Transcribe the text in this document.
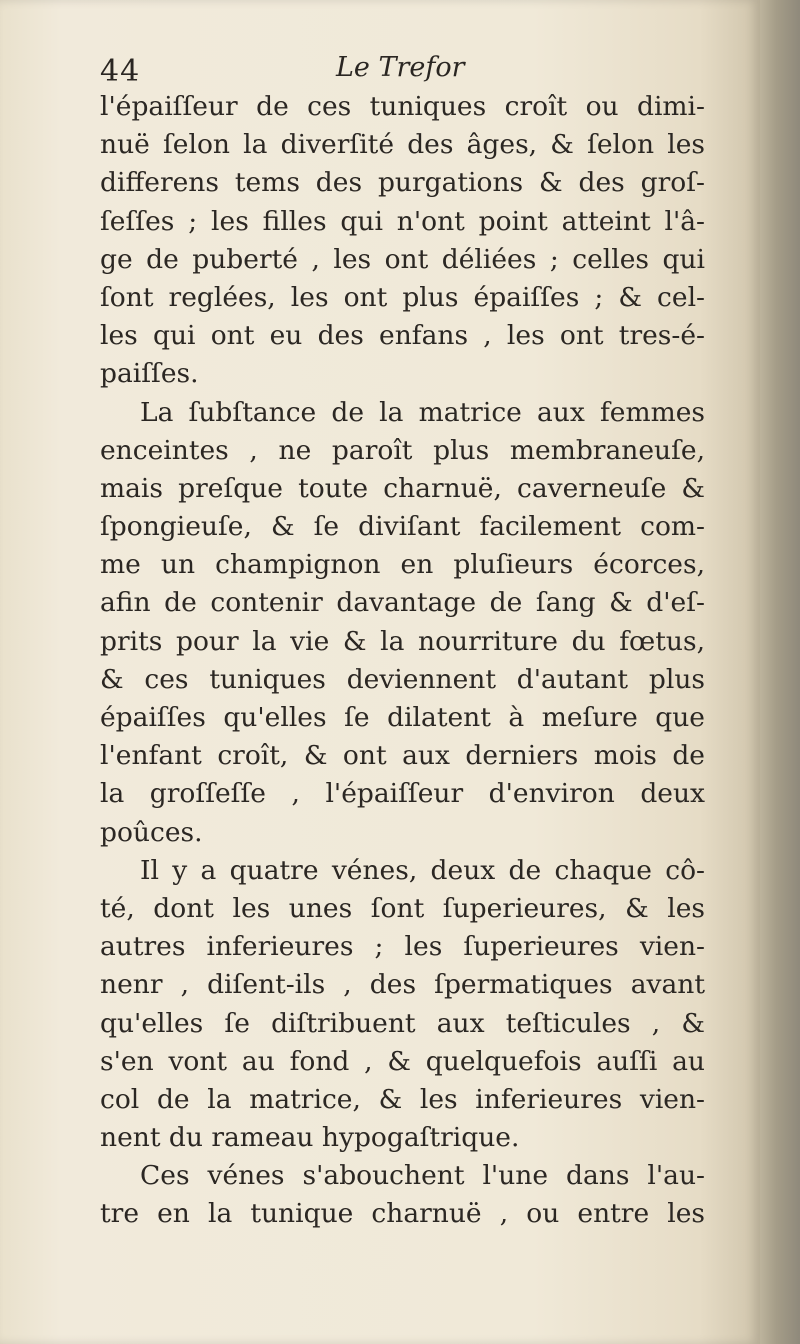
44	Le Trefor
l'épaiſſeur de ces tuniques croît ou dimi-
nuë ſelon la diverſité des âges, & ſelon les
differens tems des purgations & des groſ-
ſeſſes ; les filles qui n'ont point atteint l'â-
ge de puberté , les ont déliées ; celles qui
ſont reglées, les ont plus épaiſſes ; & cel-
les qui ont eu des enfans , les ont tres-é-
paiſſes.
La ſubſtance de la matrice aux femmes
enceintes , ne paroît plus membraneuſe,
mais preſque toute charnuë, caverneuſe &
ſpongieuſe, & ſe diviſant facilement com-
me un champignon en pluſieurs écorces,
afin de contenir davantage de ſang & d'eſ-
prits pour la vie & la nourriture du fœtus,
& ces tuniques deviennent d'autant plus
épaiſſes qu'elles ſe dilatent à meſure que
l'enfant croît, & ont aux derniers mois de
la groſſeſſe , l'épaiſſeur d'environ deux
poûces.
Il y a quatre vénes, deux de chaque cô-
té, dont les unes ſont ſuperieures, & les
autres inferieures ; les ſuperieures vien-
nenr , diſent-ils , des ſpermatiques avant
qu'elles ſe diſtribuent aux teſticules , &
s'en vont au fond , & quelquefois auſſi au
col de la matrice, & les inferieures vien-
nent du rameau hypogaſtrique.
Ces vénes s'abouchent l'une dans l'au-
tre en la tunique charnuë , ou entre les
